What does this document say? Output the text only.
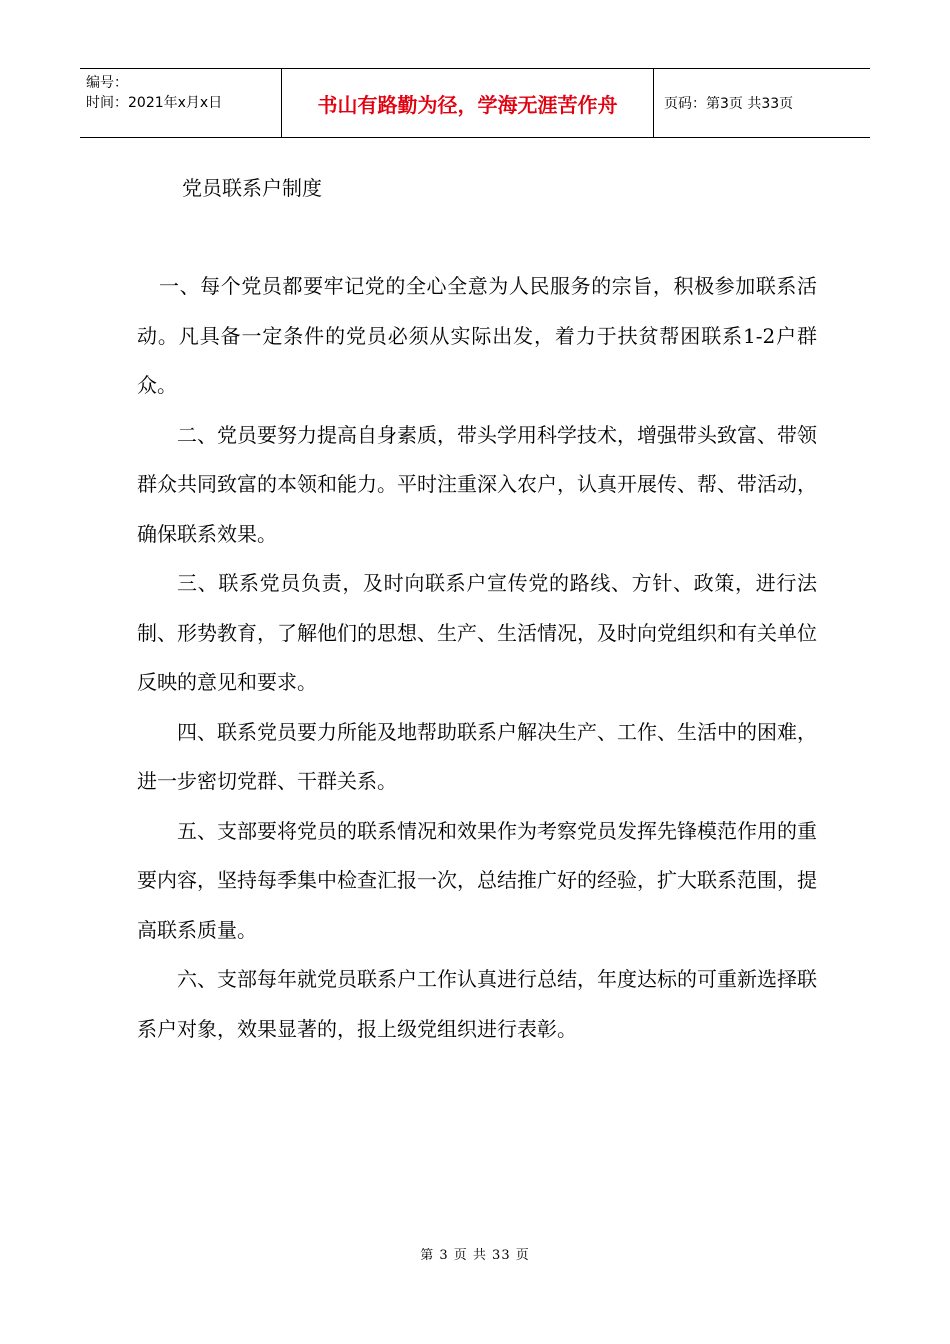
编号：
时间：2021年x月x日	书山有路勤为径，学海无涯苦作舟	页码：第3页 共33页
党员联系户制度

一、每个党员都要牢记党的全心全意为人民服务的宗旨，积极参加联系活动。凡具备一定条件的党员必须从实际出发，着力于扶贫帮困联系1-2户群众。

二、党员要努力提高自身素质，带头学用科学技术，增强带头致富、带领群众共同致富的本领和能力。平时注重深入农户，认真开展传、帮、带活动，确保联系效果。

三、联系党员负责，及时向联系户宣传党的路线、方针、政策，进行法制、形势教育，了解他们的思想、生产、生活情况，及时向党组织和有关单位反映的意见和要求。

四、联系党员要力所能及地帮助联系户解决生产、工作、生活中的困难，进一步密切党群、干群关系。

五、支部要将党员的联系情况和效果作为考察党员发挥先锋模范作用的重要内容，坚持每季集中检查汇报一次，总结推广好的经验，扩大联系范围，提高联系质量。

六、支部每年就党员联系户工作认真进行总结，年度达标的可重新选择联系户对象，效果显著的，报上级党组织进行表彰。

第 3 页 共 33 页
